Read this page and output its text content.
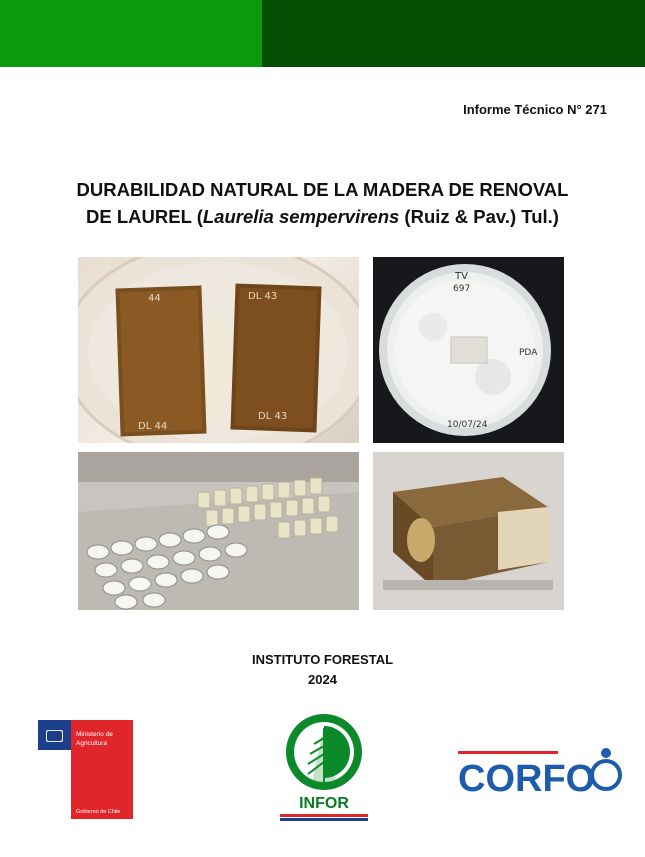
Informe Técnico N° 271
DURABILIDAD NATURAL DE LA MADERA DE RENOVAL
DE LAUREL (Laurelia sempervirens (Ruiz & Pav.) Tul.)
44	DL 43
DL 44
DL 43
TV
697
PDA
10/07/24
INSTITUTO FORESTAL
2024
Ministerio de
Agricultura
Gobierno de Chile	INFOR
CORFO
